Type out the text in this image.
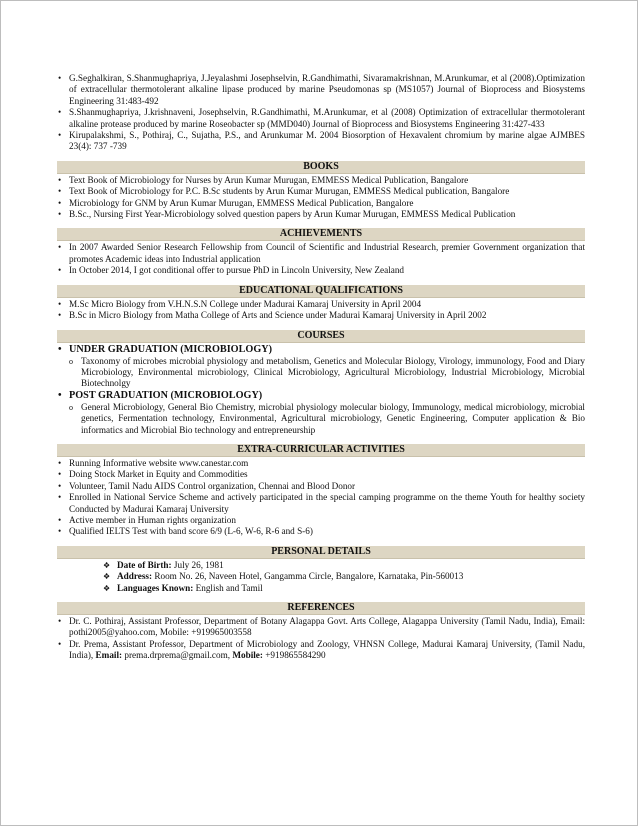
• G.Seghalkiran, S.Shanmughapriya, J.Jeyalashmi Josephselvin, R.Gandhimathi, Sivaramakrishnan, M.Arunkumar, et al (2008).Optimization of extracellular thermotolerant alkaline lipase produced by marine Pseudomonas sp (MS1057) Journal of Bioprocess and Biosystems Engineering 31:483-492
• S.Shanmughapriya, J.krishnaveni, Josephselvin, R.Gandhimathi, M.Arunkumar, et al (2008) Optimization of extracellular thermotolerant alkaline protease produced by marine Roseobacter sp (MMD040) Journal of Bioprocess and Biosystems Engineering 31:427-433
• Kirupalakshmi, S., Pothiraj, C., Sujatha, P.S., and Arunkumar M. 2004 Biosorption of Hexavalent chromium by marine algae AJMBES 23(4): 737 -739
BOOKS
• Text Book of Microbiology for Nurses by Arun Kumar Murugan, EMMESS Medical Publication, Bangalore
• Text Book of Microbiology for P.C. B.Sc students by Arun Kumar Murugan, EMMESS Medical publication, Bangalore
• Microbiology for GNM by Arun Kumar Murugan, EMMESS Medical Publication, Bangalore
• B.Sc., Nursing First Year-Microbiology solved question papers by Arun Kumar Murugan, EMMESS Medical Publication
ACHIEVEMENTS
• In 2007 Awarded Senior Research Fellowship from Council of Scientific and Industrial Research, premier Government organization that promotes Academic ideas into Industrial application
• In October 2014, I got conditional offer to pursue PhD in Lincoln University, New Zealand
EDUCATIONAL QUALIFICATIONS
• M.Sc Micro Biology from V.H.N.S.N College under Madurai Kamaraj University in April 2004
• B.Sc in Micro Biology from Matha College of Arts and Science under Madurai Kamaraj University in April 2002
COURSES
• UNDER GRADUATION (MICROBIOLOGY)
o Taxonomy of microbes microbial physiology and metabolism, Genetics and Molecular Biology, Virology, immunology, Food and Diary Microbiology, Environmental microbiology, Clinical Microbiology, Agricultural Microbiology, Industrial Microbiology, Microbial Biotechnolgy
• POST GRADUATION (MICROBIOLOGY)
o General Microbiology, General Bio Chemistry, microbial physiology molecular biology, Immunology, medical microbiology, microbial genetics, Fermentation technology, Environmental, Agricultural microbiology, Genetic Engineering, Computer application & Bio informatics and Microbial Bio technology and entrepreneurship
EXTRA-CURRICULAR ACTIVITIES
• Running Informative website www.canestar.com
• Doing Stock Market in Equity and Commodities
• Volunteer, Tamil Nadu AIDS Control organization, Chennai and Blood Donor
• Enrolled in National Service Scheme and actively participated in the special camping programme on the theme Youth for healthy society Conducted by Madurai Kamaraj University
• Active member in Human rights organization
• Qualified IELTS Test with band score 6/9 (L-6, W-6, R-6 and S-6)
PERSONAL DETAILS
❖ Date of Birth: July 26, 1981
❖ Address: Room No. 26, Naveen Hotel, Gangamma Circle, Bangalore, Karnataka, Pin-560013
❖ Languages Known: English and Tamil
REFERENCES
• Dr. C. Pothiraj, Assistant Professor, Department of Botany Alagappa Govt. Arts College, Alagappa University (Tamil Nadu, India), Email: pothi2005@yahoo.com, Mobile: +919965003558
• Dr. Prema, Assistant Professor, Department of Microbiology and Zoology, VHNSN College, Madurai Kamaraj University, (Tamil Nadu, India), Email: prema.drprema@gmail.com, Mobile: +919865584290
